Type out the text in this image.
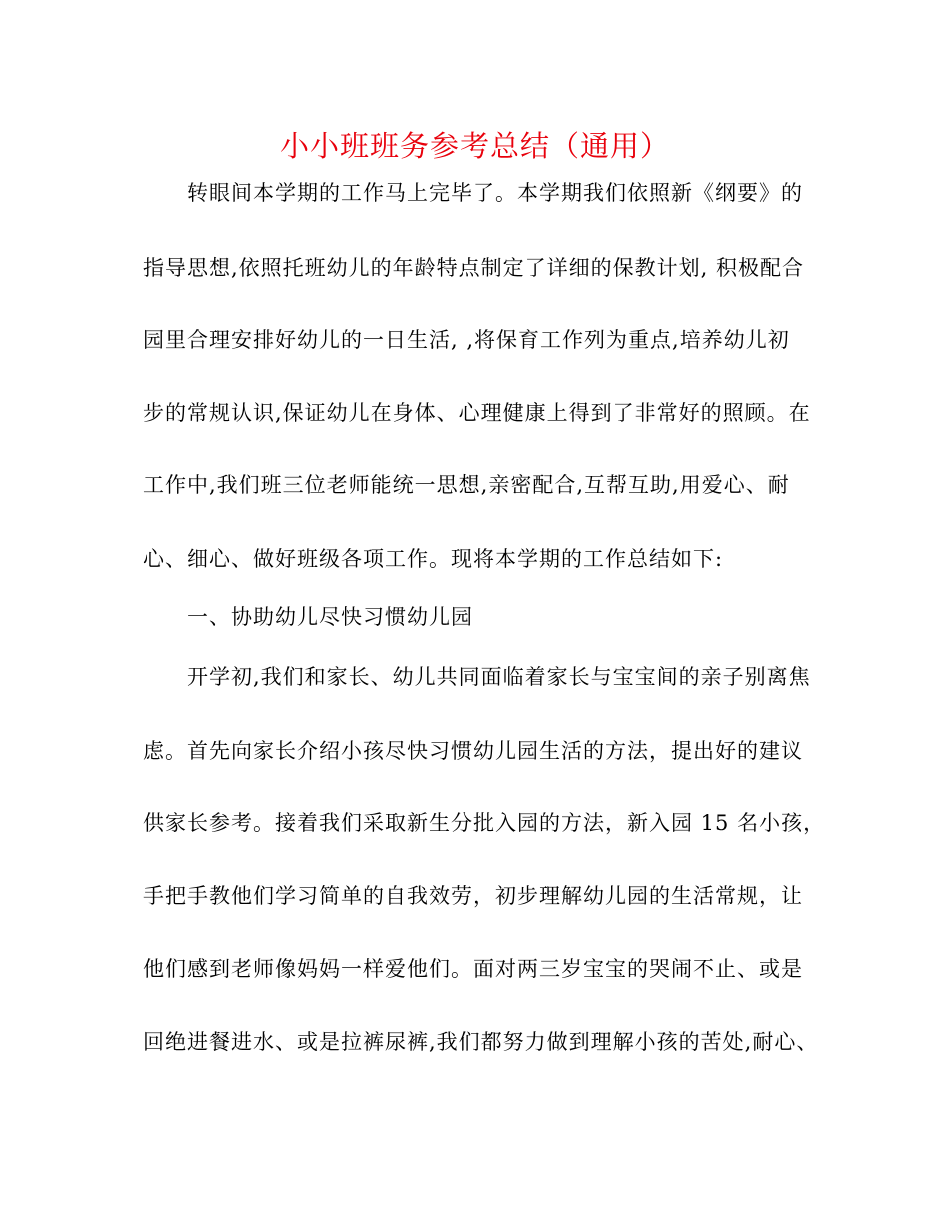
小小班班务参考总结（通用）
转眼间本学期的工作马上完毕了。本学期我们依照新《纲要》的
指导思想,依照托班幼儿的年龄特点制定了详细的保教计划, 积极配合
园里合理安排好幼儿的一日生活, ,将保育工作列为重点,培养幼儿初
步的常规认识,保证幼儿在身体、心理健康上得到了非常好的照顾。在
工作中,我们班三位老师能统一思想,亲密配合,互帮互助,用爱心、耐
心、细心、做好班级各项工作。现将本学期的工作总结如下:
一、协助幼儿尽快习惯幼儿园
开学初,我们和家长、幼儿共同面临着家长与宝宝间的亲子别离焦
虑。首先向家长介绍小孩尽快习惯幼儿园生活的方法，提出好的建议
供家长参考。接着我们采取新生分批入园的方法，新入园 15 名小孩，
手把手教他们学习简单的自我效劳，初步理解幼儿园的生活常规，让
他们感到老师像妈妈一样爱他们。面对两三岁宝宝的哭闹不止、或是
回绝进餐进水、或是拉裤尿裤,我们都努力做到理解小孩的苦处,耐心、
